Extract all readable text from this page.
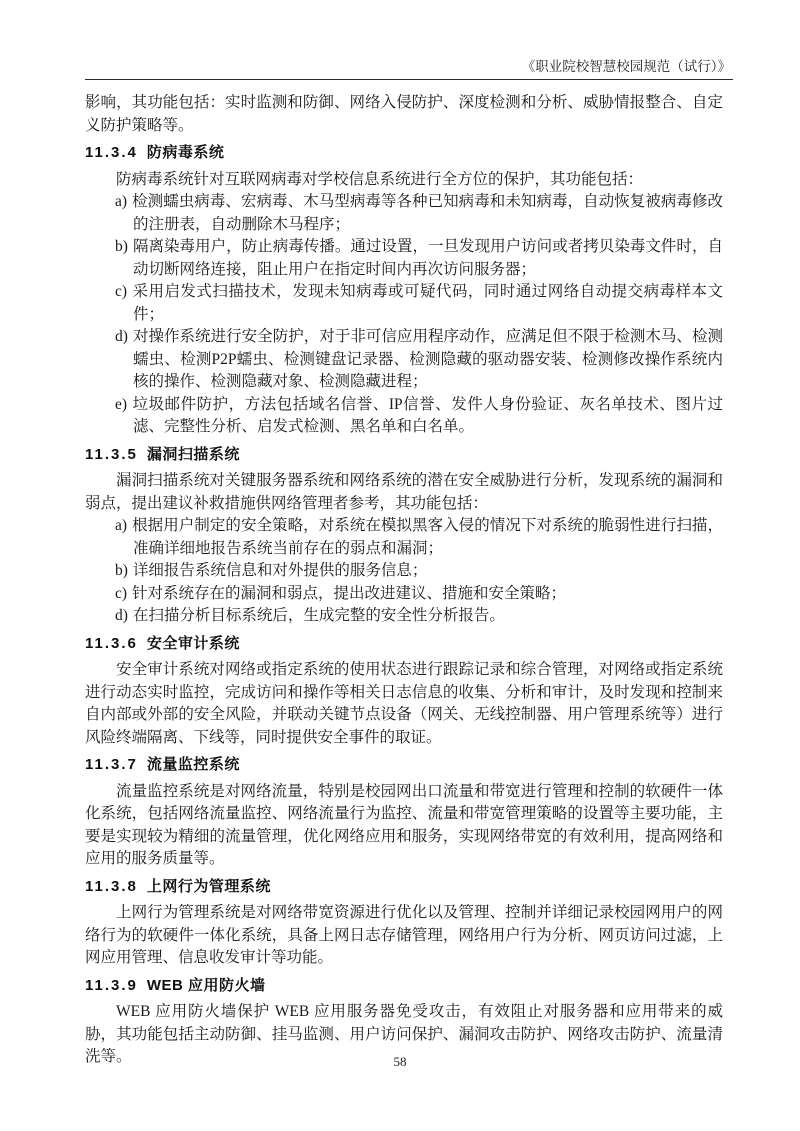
《职业院校智慧校园规范（试行）》

影响，其功能包括：实时监测和防御、网络入侵防护、深度检测和分析、威胁情报整合、自定义防护策略等。

11.3.4 防病毒系统

防病毒系统针对互联网病毒对学校信息系统进行全方位的保护，其功能包括：

a) 检测蠕虫病毒、宏病毒、木马型病毒等各种已知病毒和未知病毒，自动恢复被病毒修改的注册表，自动删除木马程序；
b) 隔离染毒用户，防止病毒传播。通过设置，一旦发现用户访问或者拷贝染毒文件时，自动切断网络连接，阻止用户在指定时间内再次访问服务器；
c) 采用启发式扫描技术，发现未知病毒或可疑代码，同时通过网络自动提交病毒样本文件；
d) 对操作系统进行安全防护，对于非可信应用程序动作，应满足但不限于检测木马、检测蠕虫、检测P2P蠕虫、检测键盘记录器、检测隐藏的驱动器安装、检测修改操作系统内核的操作、检测隐藏对象、检测隐藏进程；
e) 垃圾邮件防护，方法包括域名信誉、IP信誉、发件人身份验证、灰名单技术、图片过滤、完整性分析、启发式检测、黑名单和白名单。
11.3.5 漏洞扫描系统

漏洞扫描系统对关键服务器系统和网络系统的潜在安全威胁进行分析，发现系统的漏洞和弱点，提出建议补救措施供网络管理者参考，其功能包括：

a) 根据用户制定的安全策略，对系统在模拟黑客入侵的情况下对系统的脆弱性进行扫描，准确详细地报告系统当前存在的弱点和漏洞；
b) 详细报告系统信息和对外提供的服务信息；
c) 针对系统存在的漏洞和弱点，提出改进建议、措施和安全策略；
d) 在扫描分析目标系统后，生成完整的安全性分析报告。
11.3.6 安全审计系统

安全审计系统对网络或指定系统的使用状态进行跟踪记录和综合管理，对网络或指定系统进行动态实时监控，完成访问和操作等相关日志信息的收集、分析和审计，及时发现和控制来自内部或外部的安全风险，并联动关键节点设备（网关、无线控制器、用户管理系统等）进行风险终端隔离、下线等，同时提供安全事件的取证。

11.3.7 流量监控系统

流量监控系统是对网络流量，特别是校园网出口流量和带宽进行管理和控制的软硬件一体化系统，包括网络流量监控、网络流量行为监控、流量和带宽管理策略的设置等主要功能，主要是实现较为精细的流量管理，优化网络应用和服务，实现网络带宽的有效利用，提高网络和应用的服务质量等。

11.3.8 上网行为管理系统

上网行为管理系统是对网络带宽资源进行优化以及管理、控制并详细记录校园网用户的网络行为的软硬件一体化系统，具备上网日志存储管理，网络用户行为分析、网页访问过滤，上网应用管理、信息收发审计等功能。

11.3.9 WEB 应用防火墙

WEB 应用防火墙保护 WEB 应用服务器免受攻击，有效阻止对服务器和应用带来的威胁，其功能包括主动防御、挂马监测、用户访问保护、漏洞攻击防护、网络攻击防护、流量清洗等。	58
